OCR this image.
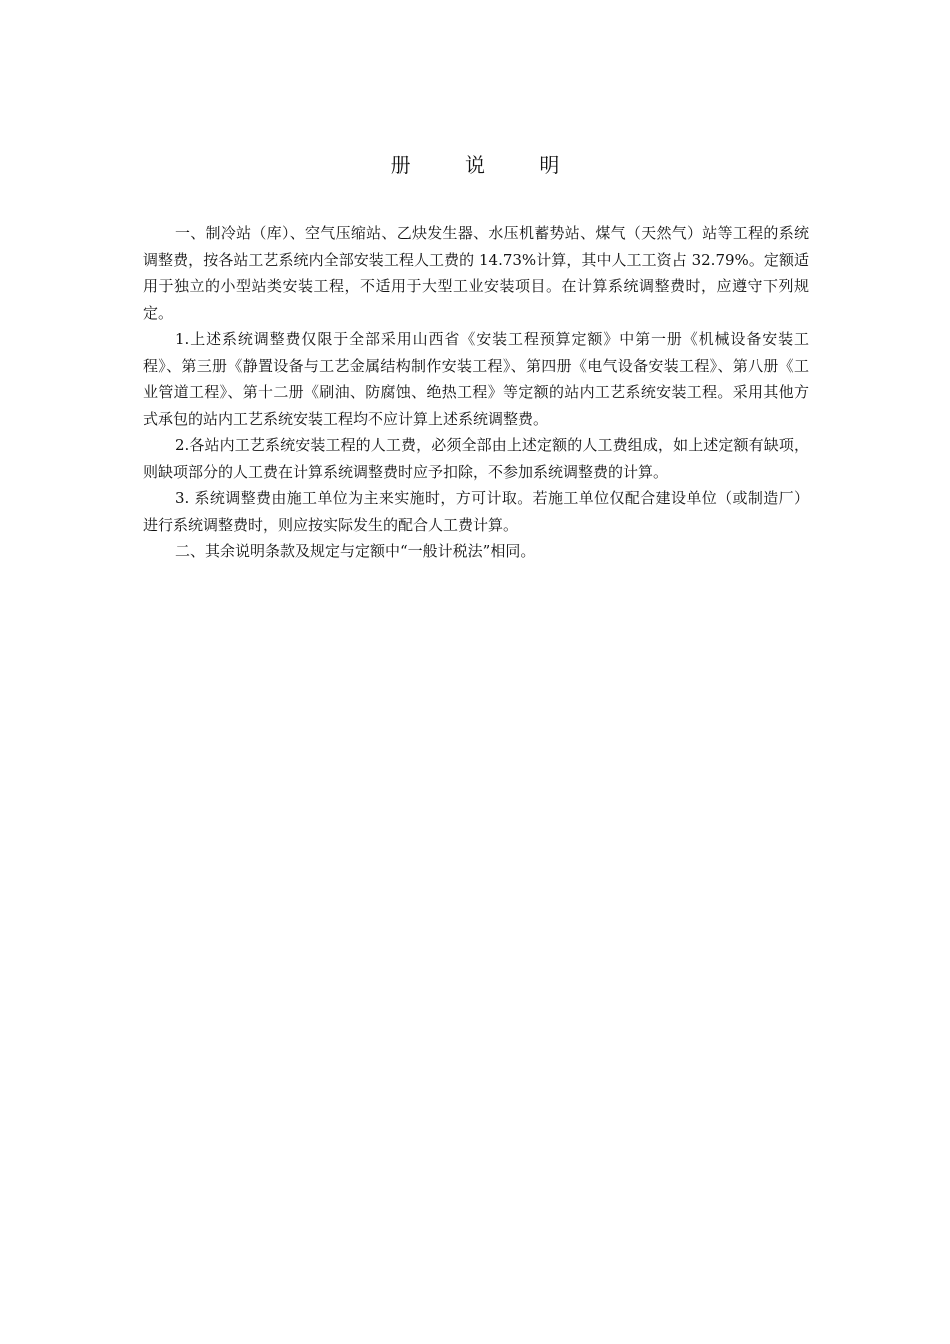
册 说 明

一、制冷站（库）、空气压缩站、乙炔发生器、水压机蓄势站、煤气（天然气）站等工程的系统调整费，按各站工艺系统内全部安装工程人工费的 14.73%计算，其中人工工资占 32.79%。定额适用于独立的小型站类安装工程，不适用于大型工业安装项目。在计算系统调整费时，应遵守下列规定。

1.上述系统调整费仅限于全部采用山西省《安装工程预算定额》中第一册《机械设备安装工程》、第三册《静置设备与工艺金属结构制作安装工程》、第四册《电气设备安装工程》、第八册《工业管道工程》、第十二册《刷油、防腐蚀、绝热工程》等定额的站内工艺系统安装工程。采用其他方式承包的站内工艺系统安装工程均不应计算上述系统调整费。

2.各站内工艺系统安装工程的人工费，必须全部由上述定额的人工费组成，如上述定额有缺项，则缺项部分的人工费在计算系统调整费时应予扣除，不参加系统调整费的计算。

3. 系统调整费由施工单位为主来实施时，方可计取。若施工单位仅配合建设单位（或制造厂）进行系统调整费时，则应按实际发生的配合人工费计算。

二、其余说明条款及规定与定额中“一般计税法”相同。
